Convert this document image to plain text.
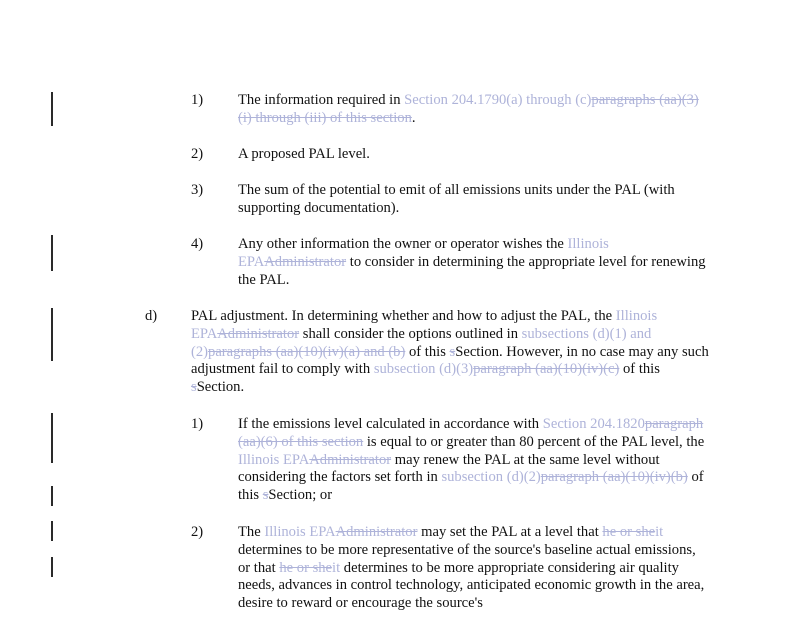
1) The information required in Section 204.1790(a) through (c)paragraphs (aa)(3)(i) through (iii) of this section.
2) A proposed PAL level.
3) The sum of the potential to emit of all emissions units under the PAL (with supporting documentation).
4) Any other information the owner or operator wishes the Illinois EPAAdministrator to consider in determining the appropriate level for renewing the PAL.
d) PAL adjustment. In determining whether and how to adjust the PAL, the Illinois EPAAdministrator shall consider the options outlined in subsections (d)(1) and (2)paragraphs (aa)(10)(iv)(a) and (b) of this sSection. However, in no case may any such adjustment fail to comply with subsection (d)(3)paragraph (aa)(10)(iv)(c) of this sSection.
1) If the emissions level calculated in accordance with Section 204.1820paragraph (aa)(6) of this section is equal to or greater than 80 percent of the PAL level, the Illinois EPAAdministrator may renew the PAL at the same level without considering the factors set forth in subsection (d)(2)paragraph (aa)(10)(iv)(b) of this sSection; or
2) The Illinois EPAAdministrator may set the PAL at a level that he or sheit determines to be more representative of the source's baseline actual emissions, or that he or sheit determines to be more appropriate considering air quality needs, advances in control technology, anticipated economic growth in the area, desire to reward or encourage the source's
